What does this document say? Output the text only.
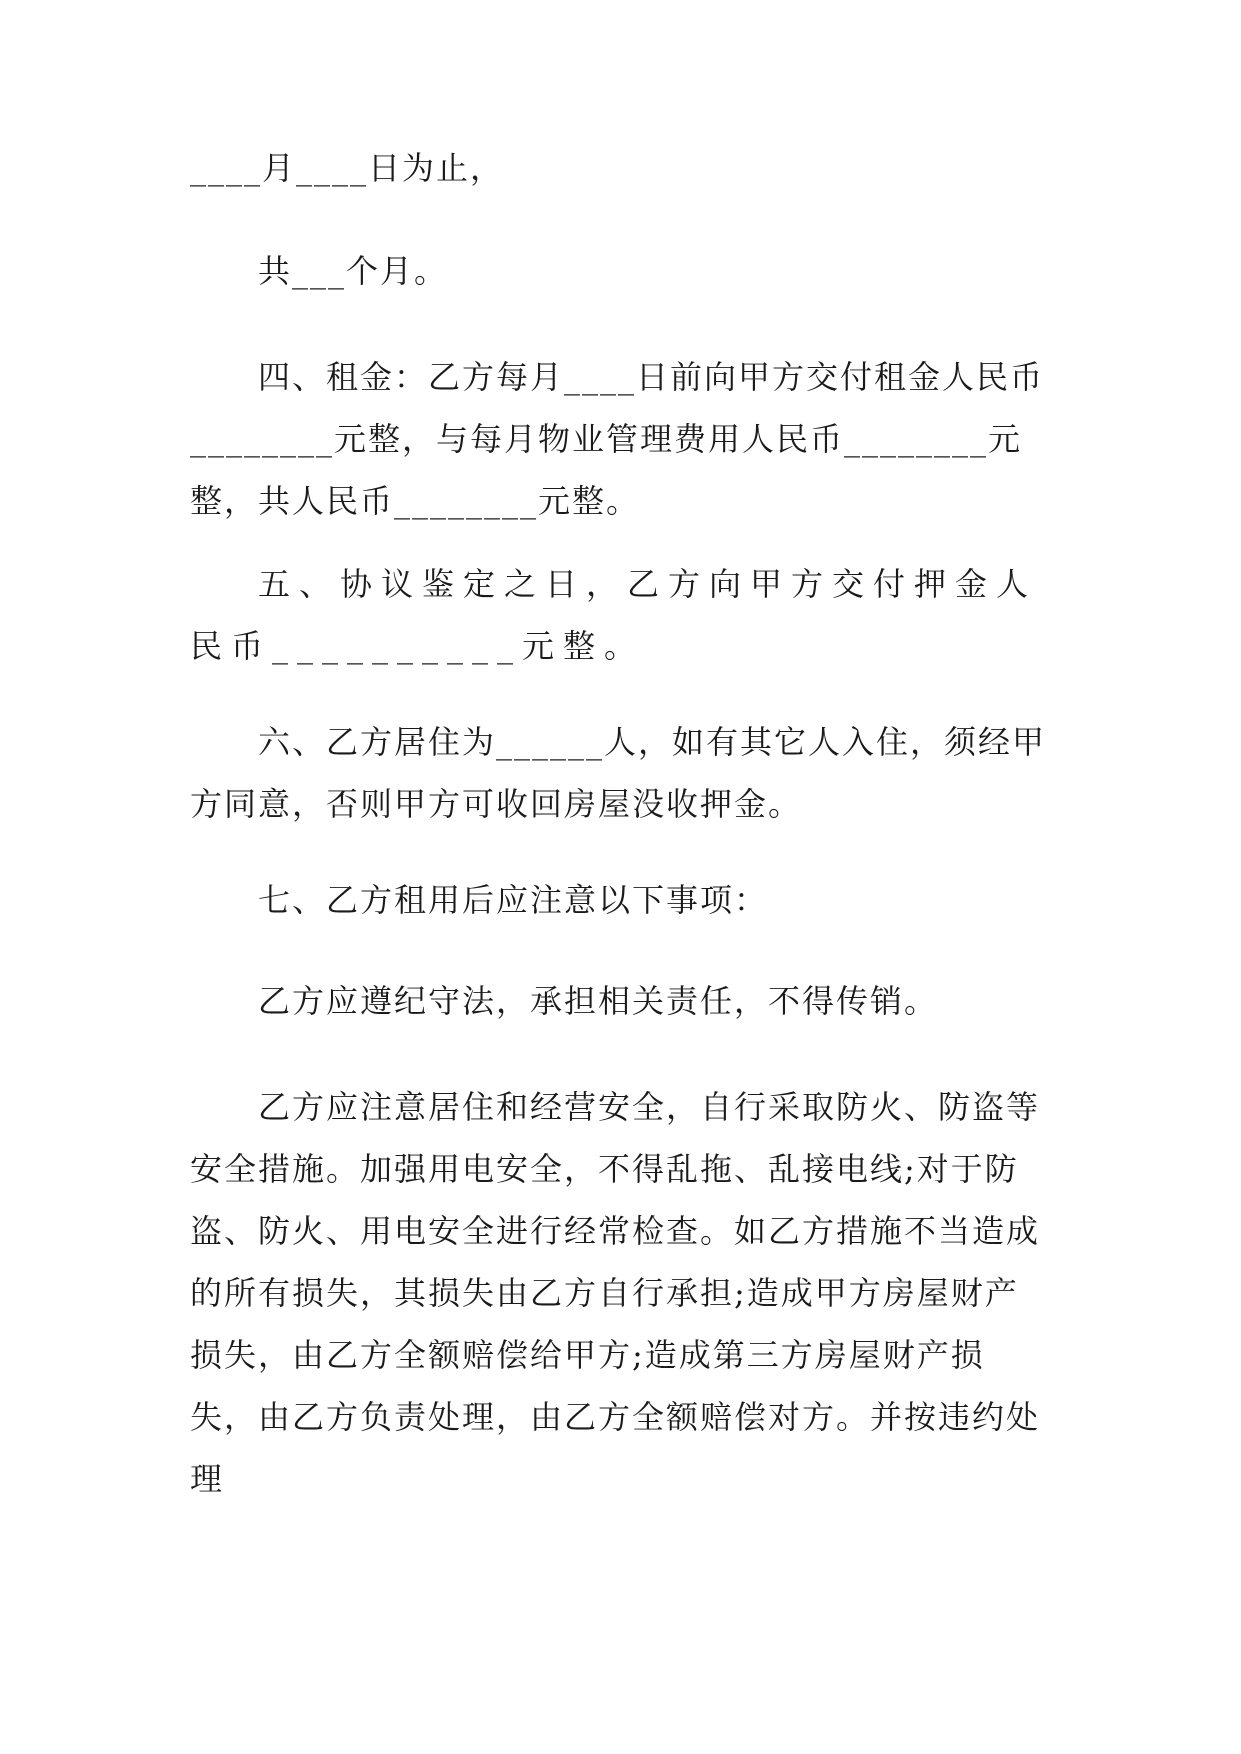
____月____日为止，

共___个月。

四、租金：乙方每月____日前向甲方交付租金人民币________元整，与每月物业管理费用人民币________元整，共人民币________元整。

五、协议鉴定之日，乙方向甲方交付押金人民币__________元整。

六、乙方居住为______人，如有其它人入住，须经甲方同意，否则甲方可收回房屋没收押金。

七、乙方租用后应注意以下事项：

乙方应遵纪守法，承担相关责任，不得传销。

乙方应注意居住和经营安全，自行采取防火、防盗等安全措施。加强用电安全，不得乱拖、乱接电线;对于防盗、防火、用电安全进行经常检查。如乙方措施不当造成的所有损失，其损失由乙方自行承担;造成甲方房屋财产损失，由乙方全额赔偿给甲方;造成第三方房屋财产损失，由乙方负责处理，由乙方全额赔偿对方。并按违约处理
